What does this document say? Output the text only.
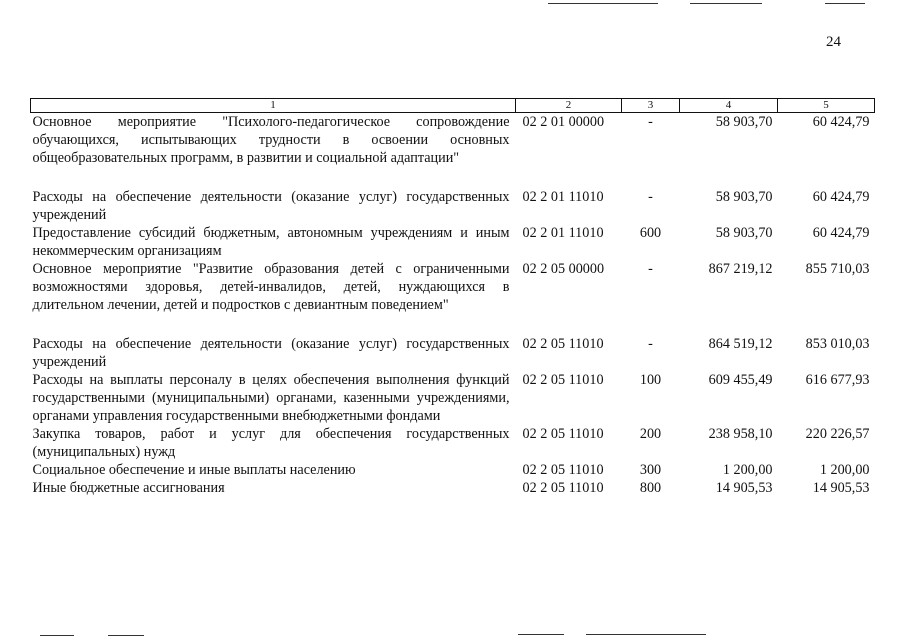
24
1	2	3	4	5
Основное мероприятие "Психолого-педагогическое сопровождение обучающихся, испытывающих трудности в освоении основных общеобразовательных программ, в развитии и социальной адаптации"	02 2 01 00000	-	58 903,70	60 424,79
Расходы на обеспечение деятельности (оказание услуг) государственных учреждений	02 2 01 11010	-	58 903,70	60 424,79
Предоставление субсидий бюджетным, автономным учреждениям и иным некоммерческим организациям	02 2 01 11010	600	58 903,70	60 424,79
Основное мероприятие "Развитие образования детей с ограниченными возможностями здоровья, детей-инвалидов, детей, нуждающихся в длительном лечении, детей и подростков с девиантным поведением"	02 2 05 00000	-	867 219,12	855 710,03
Расходы на обеспечение деятельности (оказание услуг) государственных учреждений	02 2 05 11010	-	864 519,12	853 010,03
Расходы на выплаты персоналу в целях обеспечения выполнения функций государственными (муниципальными) органами, казенными учреждениями, органами управления государственными внебюджетными фондами	02 2 05 11010	100	609 455,49	616 677,93
Закупка товаров, работ и услуг для обеспечения государственных (муниципальных) нужд	02 2 05 11010	200	238 958,10	220 226,57
Социальное обеспечение и иные выплаты населению	02 2 05 11010	300	1 200,00	1 200,00
Иные бюджетные ассигнования	02 2 05 11010	800	14 905,53	14 905,53
